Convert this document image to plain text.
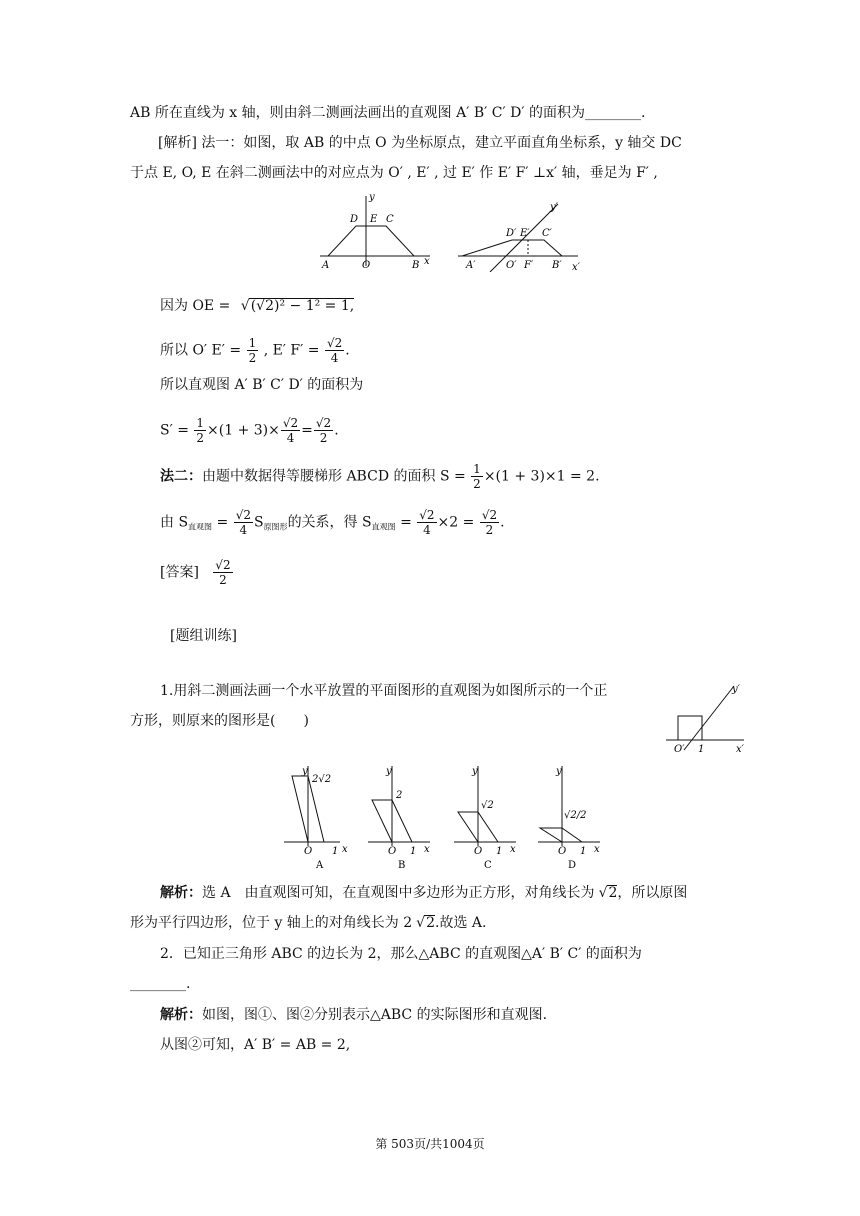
AB 所在直线为 x 轴，则由斜二测画法画出的直观图 A′ B′ C′ D′ 的面积为________.
[解析] 法一：如图，取 AB 的中点 O 为坐标原点，建立平面直角坐标系，y 轴交 DC
于点 E, O, E 在斜二测画法中的对应点为 O′ , E′ , 过 E′ 作 E′ F′ ⊥x′ 轴，垂足为 F′ ,
y
D E C
A	O	B x
y′
D′ E′ C′
A′	O′ F′ B′ x′
因为 OE = √ (√2)² − 1² = 1,
所以 O′ $E' = \frac{1}{2}$ , E′ $F' = \frac{√2}{4}$ .
所以直观图 A′ B′ C′ D′ 的面积为
$S' = \frac{1}{2} \times(1 + 3)\times \frac{√2}{4} = \frac{√2}{2}$ .
法二：由题中数据得等腰梯形 ABCD 的面积 $S = \frac{1}{2} \times(1 + 3)\times 1 = 2$.
由 $S_{直观图} = \frac{√2}{4} S_{原图形}$的关系，得 $S_{直观图} = \frac{√2}{4} \times 2 = \frac{√2}{2}$ .
[答案] $\frac{√2}{2}$
[题组训练]
1.用斜二测画法画一个水平放置的平面图形的直观图为如图所示的一个正
方形，则原来的图形是(　　)
y′
O′ 1	x′
y
2√2
O 1 x
A
y
2
O 1 x
B
y
√2
O 1 x
C
y
√2/2
O 1 x
D
解析：选 A　由直观图可知，在直观图中多边形为正方形，对角线长为 √ 2，所以原图
形为平行四边形，位于 y 轴上的对角线长为 2 √ 2.故选 A.
2．已知正三角形 ABC 的边长为 2，那么△ABC 的直观图△A′ B′ C′ 的面积为
________.
解析：如图，图①、图②分别表示△ABC 的实际图形和直观图.
从图②可知，A′ B′ = AB = 2,
第 503页/共1004页
